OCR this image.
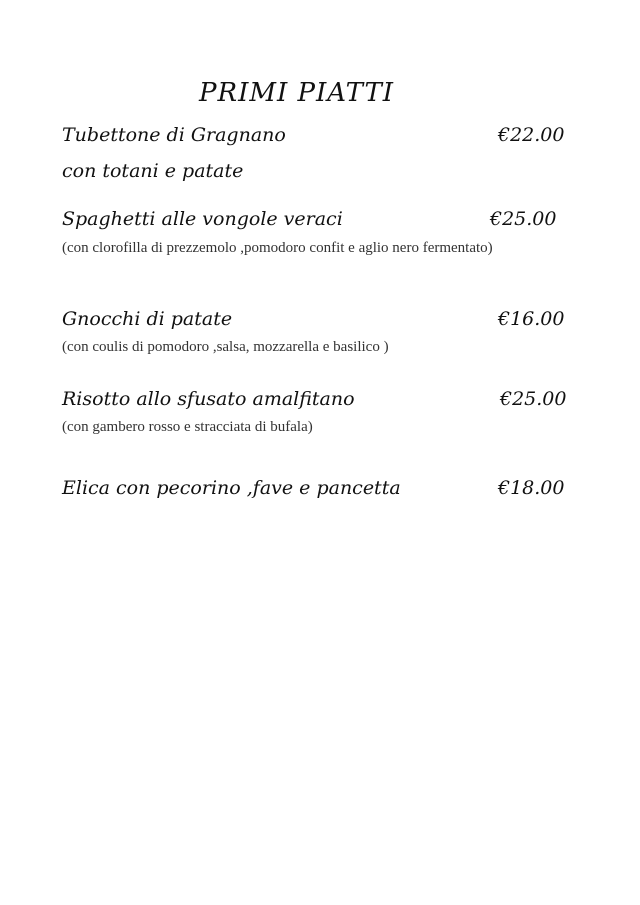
PRIMI PIATTI
Tubettone di Gragnano	€22.00
con totani e patate
Spaghetti alle vongole veraci	€25.00
(con clorofilla di prezzemolo ,pomodoro confit e aglio nero fermentato)
Gnocchi di patate	€16.00
(con coulis di pomodoro ,salsa, mozzarella e basilico )
Risotto allo sfusato amalfitano	€25.00
(con gambero rosso e stracciata di bufala)
Elica con pecorino ,fave e pancetta	€18.00
